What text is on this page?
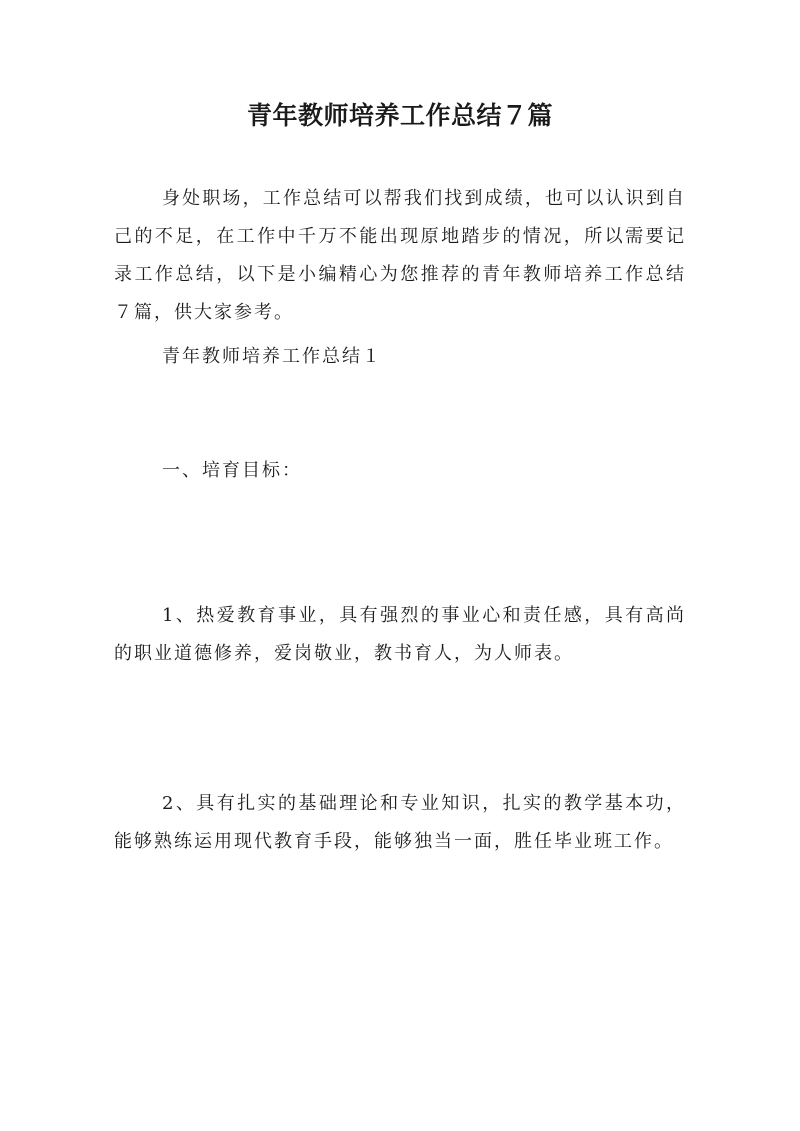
青年教师培养工作总结７篇

身处职场，工作总结可以帮我们找到成绩，也可以认识到自己的不足，在工作中千万不能出现原地踏步的情况，所以需要记录工作总结，以下是小编精心为您推荐的青年教师培养工作总结７篇，供大家参考。

青年教师培养工作总结１

一、培育目标：

1、热爱教育事业，具有强烈的事业心和责任感，具有高尚的职业道德修养，爱岗敬业，教书育人，为人师表。

2、具有扎实的基础理论和专业知识，扎实的教学基本功，能够熟练运用现代教育手段，能够独当一面，胜任毕业班工作。
